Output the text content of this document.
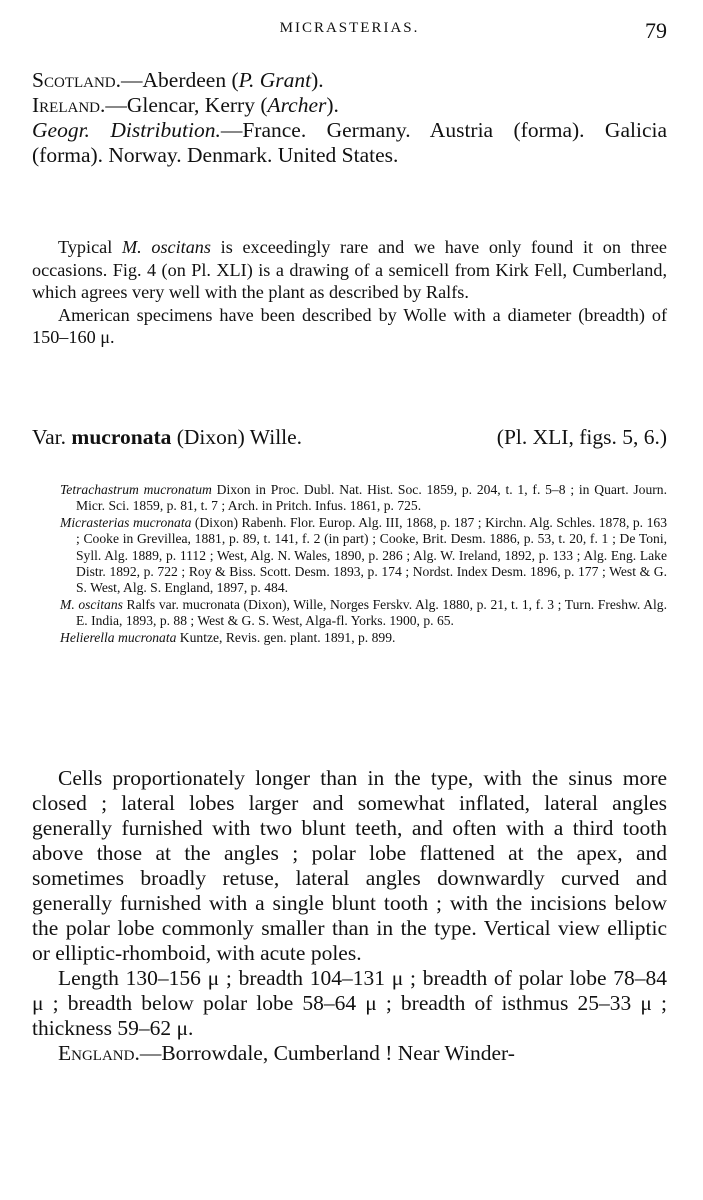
MICRASTERIAS.	79

Scotland.—Aberdeen (P. Grant).

Ireland.—Glencar, Kerry (Archer).

Geogr. Distribution.—France. Germany. Austria (forma). Galicia (forma). Norway. Denmark. United States.

Typical M. oscitans is exceedingly rare and we have only found it on three occasions. Fig. 4 (on Pl. XLI) is a drawing of a semicell from Kirk Fell, Cumberland, which agrees very well with the plant as described by Ralfs.

American specimens have been described by Wolle with a diameter (breadth) of 150–160 μ.

Var. mucronata (Dixon) Wille.	(Pl. XLI, figs. 5, 6.)

Tetrachastrum mucronatum Dixon in Proc. Dubl. Nat. Hist. Soc. 1859, p. 204, t. 1, f. 5–8 ; in Quart. Journ. Micr. Sci. 1859, p. 81, t. 7 ; Arch. in Pritch. Infus. 1861, p. 725.

Micrasterias mucronata (Dixon) Rabenh. Flor. Europ. Alg. III, 1868, p. 187 ; Kirchn. Alg. Schles. 1878, p. 163 ; Cooke in Grevillea, 1881, p. 89, t. 141, f. 2 (in part) ; Cooke, Brit. Desm. 1886, p. 53, t. 20, f. 1 ; De Toni, Syll. Alg. 1889, p. 1112 ; West, Alg. N. Wales, 1890, p. 286 ; Alg. W. Ireland, 1892, p. 133 ; Alg. Eng. Lake Distr. 1892, p. 722 ; Roy & Biss. Scott. Desm. 1893, p. 174 ; Nordst. Index Desm. 1896, p. 177 ; West & G. S. West, Alg. S. England, 1897, p. 484.

M. oscitans Ralfs var. mucronata (Dixon), Wille, Norges Ferskv. Alg. 1880, p. 21, t. 1, f. 3 ; Turn. Freshw. Alg. E. India, 1893, p. 88 ; West & G. S. West, Alga-fl. Yorks. 1900, p. 65.

Helierella mucronata Kuntze, Revis. gen. plant. 1891, p. 899.

Cells proportionately longer than in the type, with the sinus more closed ; lateral lobes larger and somewhat inflated, lateral angles generally furnished with two blunt teeth, and often with a third tooth above those at the angles ; polar lobe flattened at the apex, and sometimes broadly retuse, lateral angles downwardly curved and generally furnished with a single blunt tooth ; with the incisions below the polar lobe commonly smaller than in the type. Vertical view elliptic or elliptic-rhomboid, with acute poles.

Length 130–156 μ ; breadth 104–131 μ ; breadth of polar lobe 78–84 μ ; breadth below polar lobe 58–64 μ ; breadth of isthmus 25–33 μ ; thickness 59–62 μ.

England.—Borrowdale, Cumberland ! Near Winder-
